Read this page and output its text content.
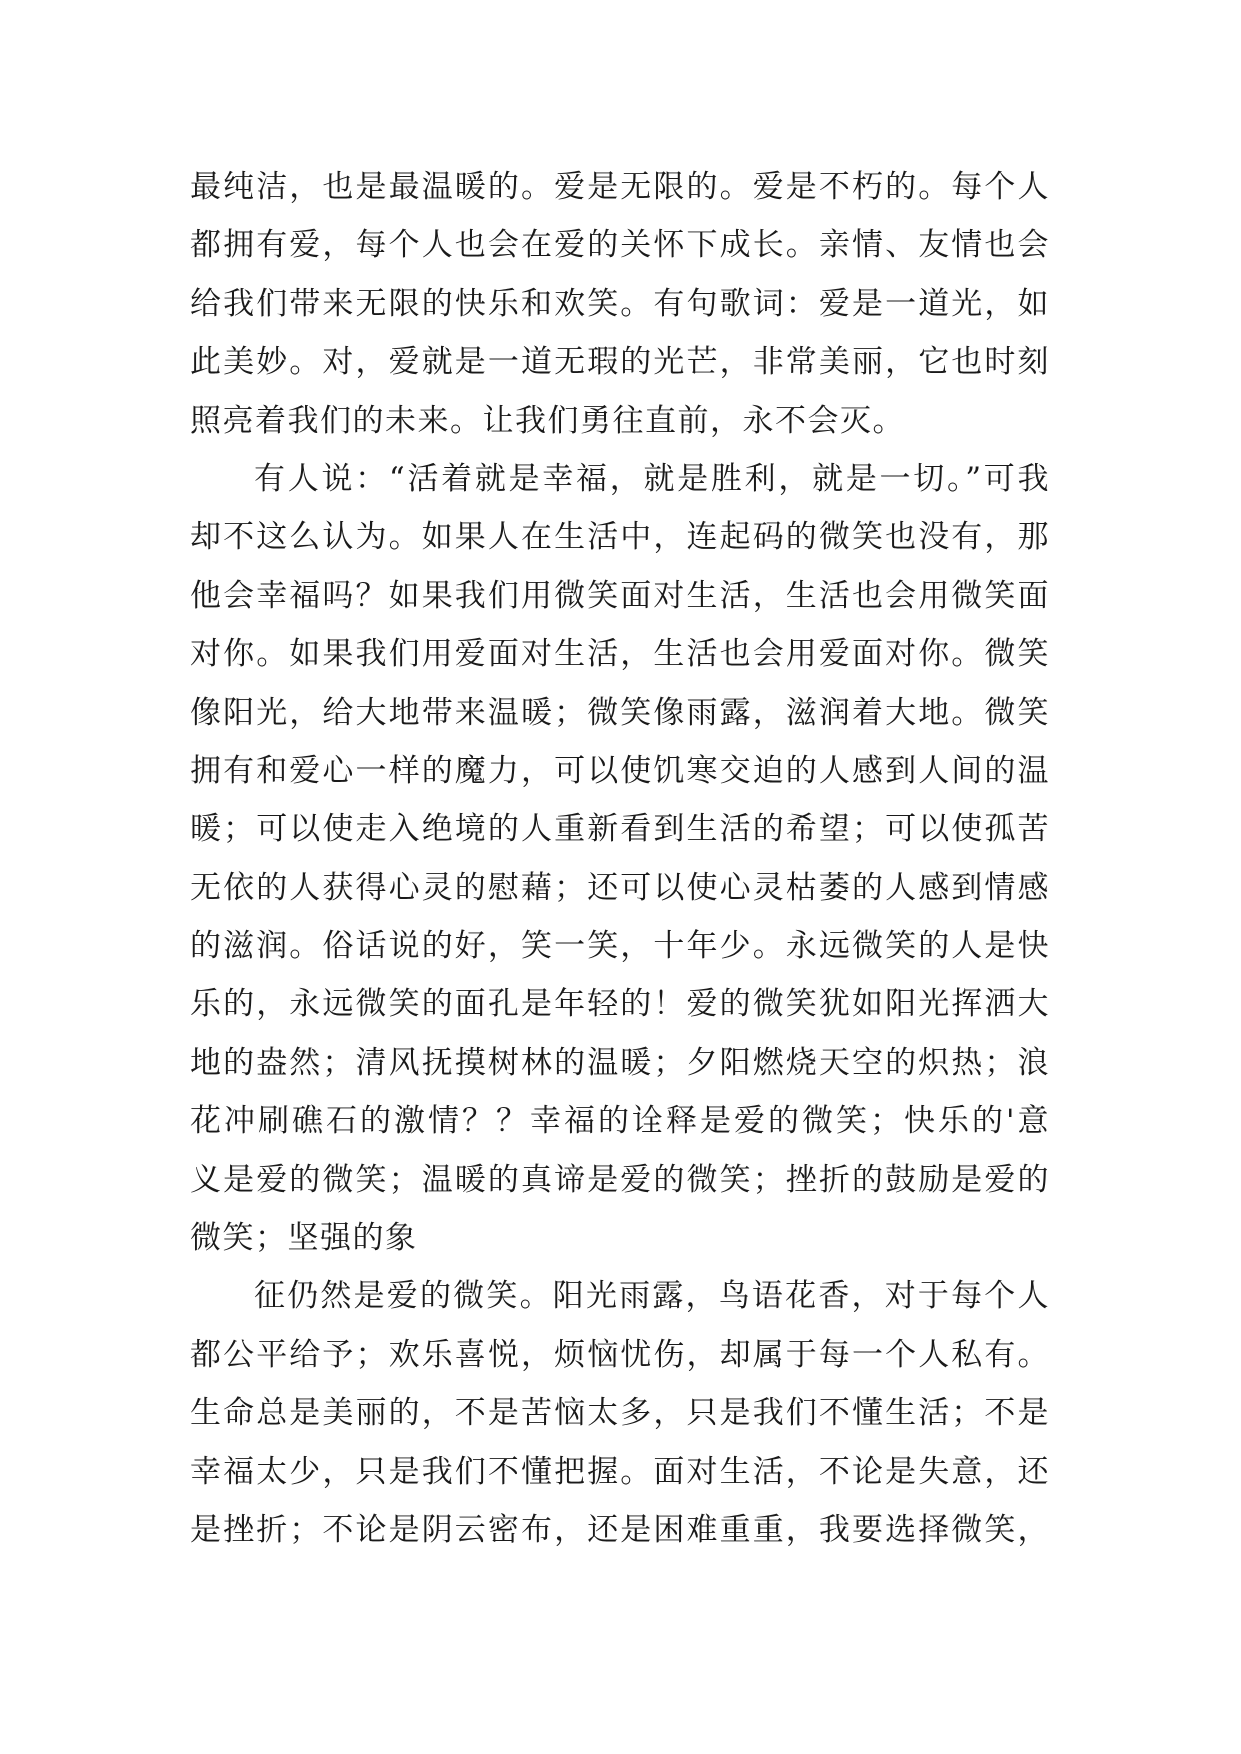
最纯洁，也是最温暖的。爱是无限的。爱是不朽的。每个人
都拥有爱，每个人也会在爱的关怀下成长。亲情、友情也会
给我们带来无限的快乐和欢笑。有句歌词：爱是一道光，如
此美妙。对，爱就是一道无瑕的光芒，非常美丽，它也时刻
照亮着我们的未来。让我们勇往直前，永不会灭。
有人说：“活着就是幸福，就是胜利，就是一切。”可我
却不这么认为。如果人在生活中，连起码的微笑也没有，那
他会幸福吗？如果我们用微笑面对生活，生活也会用微笑面
对你。如果我们用爱面对生活，生活也会用爱面对你。微笑
像阳光，给大地带来温暖；微笑像雨露，滋润着大地。微笑
拥有和爱心一样的魔力，可以使饥寒交迫的人感到人间的温
暖；可以使走入绝境的人重新看到生活的希望；可以使孤苦
无依的人获得心灵的慰藉；还可以使心灵枯萎的人感到情感
的滋润。俗话说的好，笑一笑，十年少。永远微笑的人是快
乐的，永远微笑的面孔是年轻的！爱的微笑犹如阳光挥洒大
地的盎然；清风抚摸树林的温暖；夕阳燃烧天空的炽热；浪
花冲刷礁石的激情？？幸福的诠释是爱的微笑；快乐的'意
义是爱的微笑；温暖的真谛是爱的微笑；挫折的鼓励是爱的
微笑；坚强的象
征仍然是爱的微笑。阳光雨露，鸟语花香，对于每个人
都公平给予；欢乐喜悦，烦恼忧伤，却属于每一个人私有。
生命总是美丽的，不是苦恼太多，只是我们不懂生活；不是
幸福太少，只是我们不懂把握。面对生活，不论是失意，还
是挫折；不论是阴云密布，还是困难重重，我要选择微笑，
